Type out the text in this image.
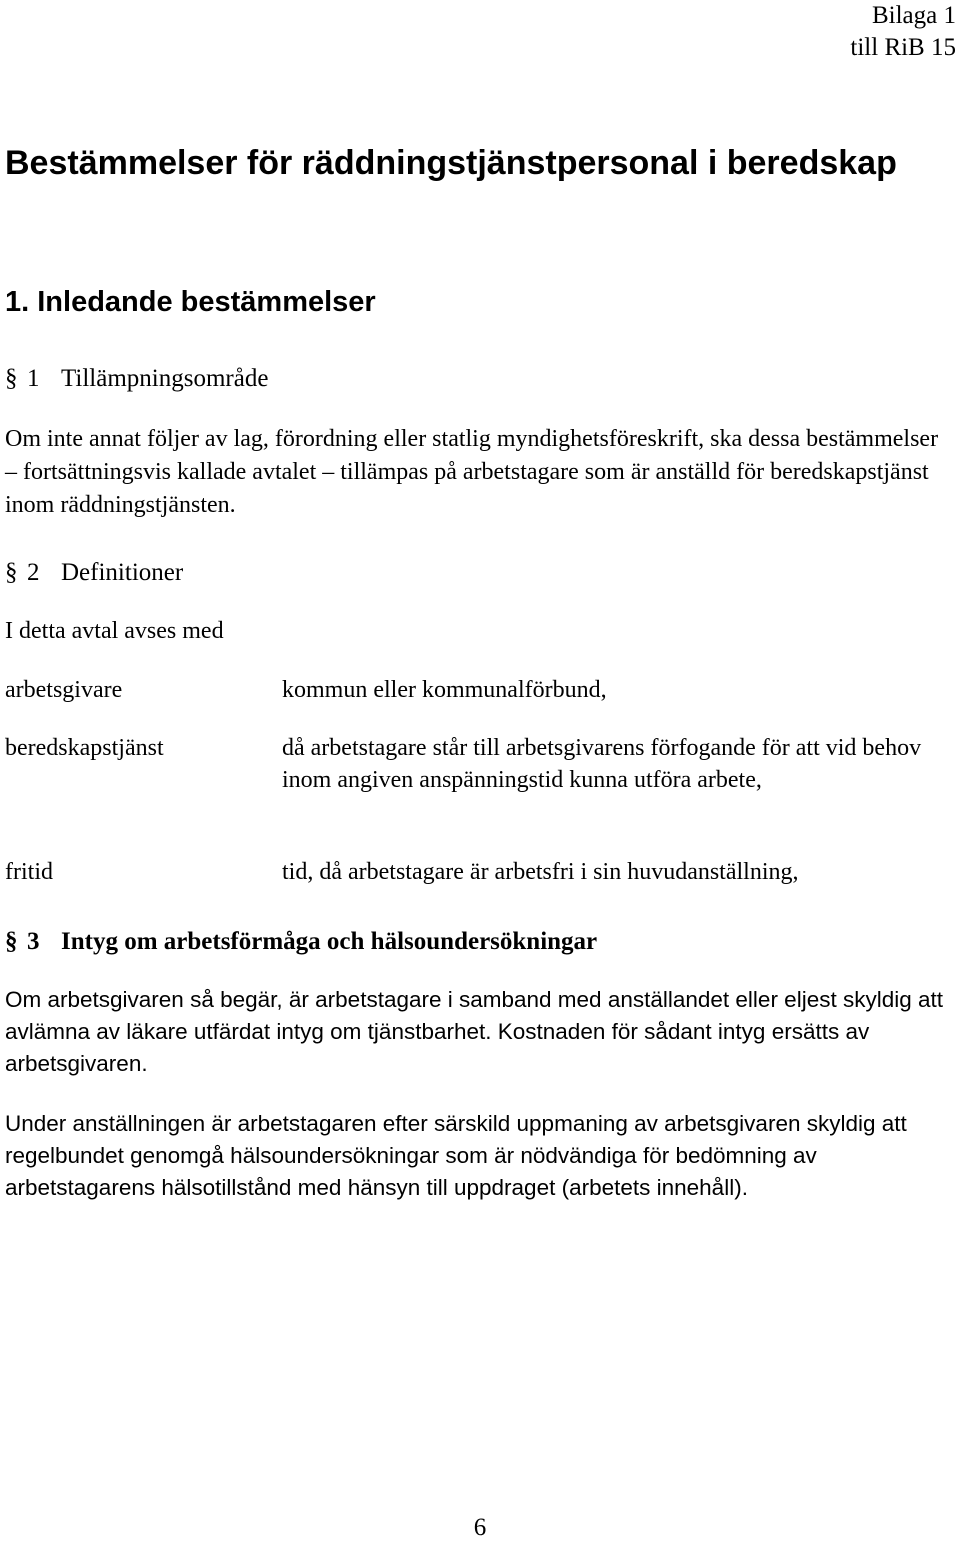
Bilaga 1
till RiB 15
Bestämmelser för räddningstjänstpersonal i beredskap
1. Inledande bestämmelser
§ 1 Tillämpningsområde
Om inte annat följer av lag, förordning eller statlig myndighetsföreskrift, ska dessa bestämmelser – fortsättningsvis kallade avtalet – tillämpas på arbetstagare som är anställd för beredskapstjänst inom räddningstjänsten.
§ 2 Definitioner
I detta avtal avses med
arbetsgivare	kommun eller kommunalförbund,
beredskapstjänst	då arbetstagare står till arbetsgivarens förfogande för att vid behov inom angiven anspänningstid kunna utföra arbete,
fritid	tid, då arbetstagare är arbetsfri i sin huvudanställning,
§ 3 Intyg om arbetsförmåga och hälsoundersökningar
Om arbetsgivaren så begär, är arbetstagare i samband med anställandet eller eljest skyldig att avlämna av läkare utfärdat intyg om tjänstbarhet. Kostnaden för sådant intyg ersätts av arbetsgivaren.
Under anställningen är arbetstagaren efter särskild uppmaning av arbetsgivaren skyldig att regelbundet genomgå hälsoundersökningar som är nödvändiga för bedömning av arbetstagarens hälsotillstånd med hänsyn till uppdraget (arbetets innehåll).
6
